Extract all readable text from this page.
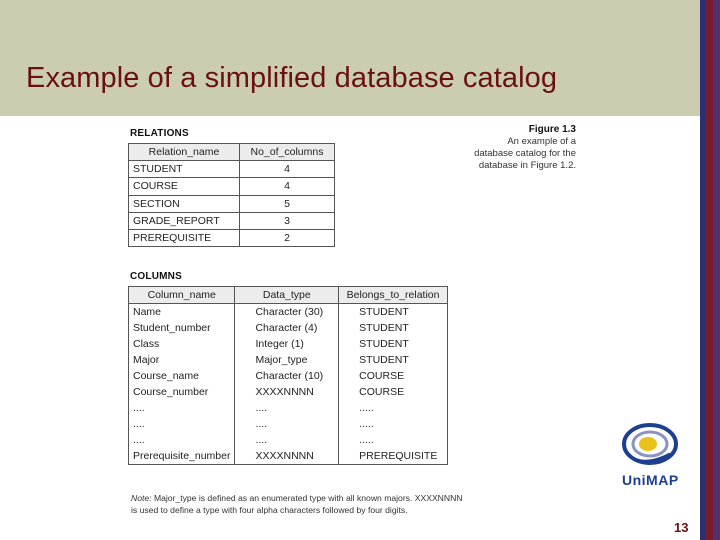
Example of a simplified database catalog
RELATIONS
Relation_name	No_of_columns
STUDENT	4
COURSE	4
SECTION	5
GRADE_REPORT	3
PREREQUISITE	2
Figure 1.3
An example of a
database catalog for the
database in Figure 1.2.
COLUMNS
Column_name	Data_type	Belongs_to_relation
Name	Character (30)	STUDENT
Student_number	Character (4)	STUDENT
Class	Integer (1)	STUDENT
Major	Major_type	STUDENT
Course_name	Character (10)	COURSE
Course_number	XXXXNNNN	COURSE
....	....	.....
....	....	.....
....	....	.....
Prerequisite_number	XXXXNNNN	PREREQUISITE
Note: Major_type is defined as an enumerated type with all known majors. XXXXNNNN
is used to define a type with four alpha characters followed by four digits.
UniMAP
13
